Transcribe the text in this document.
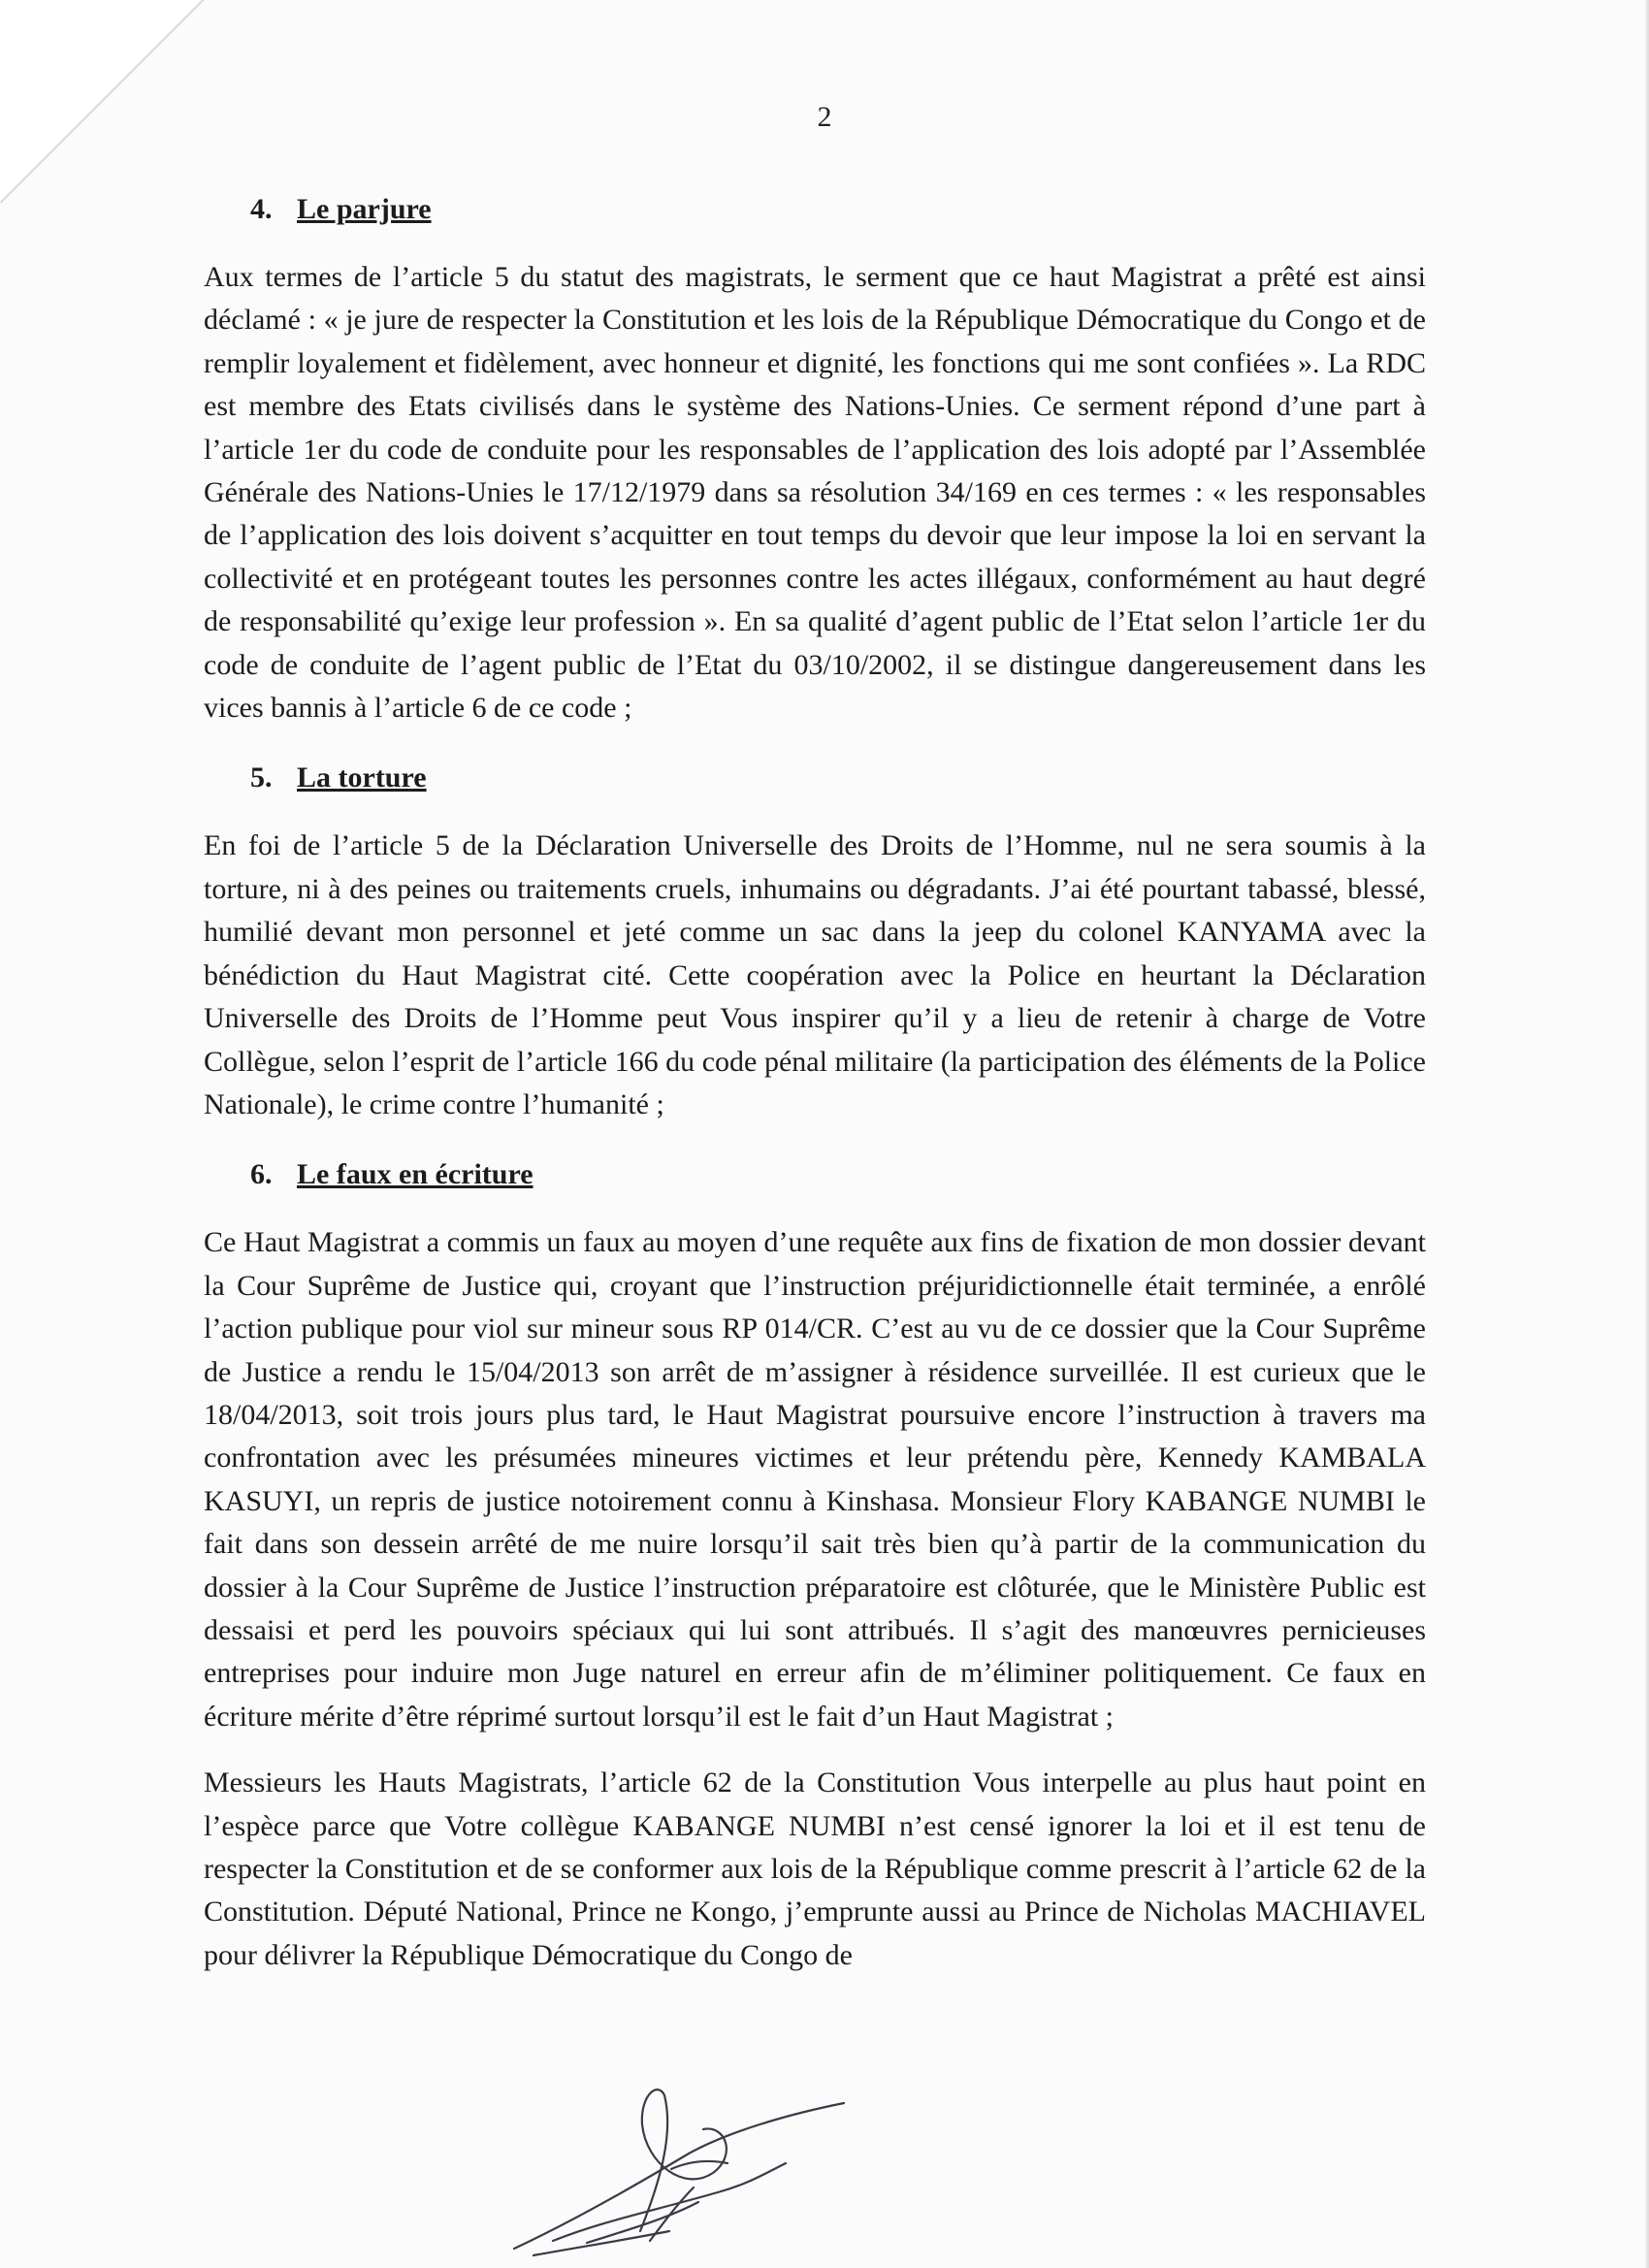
2
4. Le parjure

Aux termes de l’article 5 du statut des magistrats, le serment que ce haut Magistrat a prêté est ainsi déclamé : « je jure de respecter la Constitution et les lois de la République Démocratique du Congo et de remplir loyalement et fidèlement, avec honneur et dignité, les fonctions qui me sont confiées ». La RDC est membre des Etats civilisés dans le système des Nations-Unies. Ce serment répond d’une part à l’article 1er du code de conduite pour les responsables de l’application des lois adopté par l’Assemblée Générale des Nations-Unies le 17/12/1979 dans sa résolution 34/169 en ces termes : « les responsables de l’application des lois doivent s’acquitter en tout temps du devoir que leur impose la loi en servant la collectivité et en protégeant toutes les personnes contre les actes illégaux, conformément au haut degré de responsabilité qu’exige leur profession ». En sa qualité d’agent public de l’Etat selon l’article 1er du code de conduite de l’agent public de l’Etat du 03/10/2002, il se distingue dangereusement dans les vices bannis à l’article 6 de ce code ;

5. La torture

En foi de l’article 5 de la Déclaration Universelle des Droits de l’Homme, nul ne sera soumis à la torture, ni à des peines ou traitements cruels, inhumains ou dégradants. J’ai été pourtant tabassé, blessé, humilié devant mon personnel et jeté comme un sac dans la jeep du colonel KANYAMA avec la bénédiction du Haut Magistrat cité. Cette coopération avec la Police en heurtant la Déclaration Universelle des Droits de l’Homme peut Vous inspirer qu’il y a lieu de retenir à charge de Votre Collègue, selon l’esprit de l’article 166 du code pénal militaire (la participation des éléments de la Police Nationale), le crime contre l’humanité ;

6. Le faux en écriture

Ce Haut Magistrat a commis un faux au moyen d’une requête aux fins de fixation de mon dossier devant la Cour Suprême de Justice qui, croyant que l’instruction préjuridictionnelle était terminée, a enrôlé l’action publique pour viol sur mineur sous RP 014/CR. C’est au vu de ce dossier que la Cour Suprême de Justice a rendu le 15/04/2013 son arrêt de m’assigner à résidence surveillée. Il est curieux que le 18/04/2013, soit trois jours plus tard, le Haut Magistrat poursuive encore l’instruction à travers ma confrontation avec les présumées mineures victimes et leur prétendu père, Kennedy KAMBALA KASUYI, un repris de justice notoirement connu à Kinshasa. Monsieur Flory KABANGE NUMBI le fait dans son dessein arrêté de me nuire lorsqu’il sait très bien qu’à partir de la communication du dossier à la Cour Suprême de Justice l’instruction préparatoire est clôturée, que le Ministère Public est dessaisi et perd les pouvoirs spéciaux qui lui sont attribués. Il s’agit des manœuvres pernicieuses entreprises pour induire mon Juge naturel en erreur afin de m’éliminer politiquement. Ce faux en écriture mérite d’être réprimé surtout lorsqu’il est le fait d’un Haut Magistrat ;

Messieurs les Hauts Magistrats, l’article 62 de la Constitution Vous interpelle au plus haut point en l’espèce parce que Votre collègue KABANGE NUMBI n’est censé ignorer la loi et il est tenu de respecter la Constitution et de se conformer aux lois de la République comme prescrit à l’article 62 de la Constitution. Député National, Prince ne Kongo, j’emprunte aussi au Prince de Nicholas MACHIAVEL pour délivrer la République Démocratique du Congo de
